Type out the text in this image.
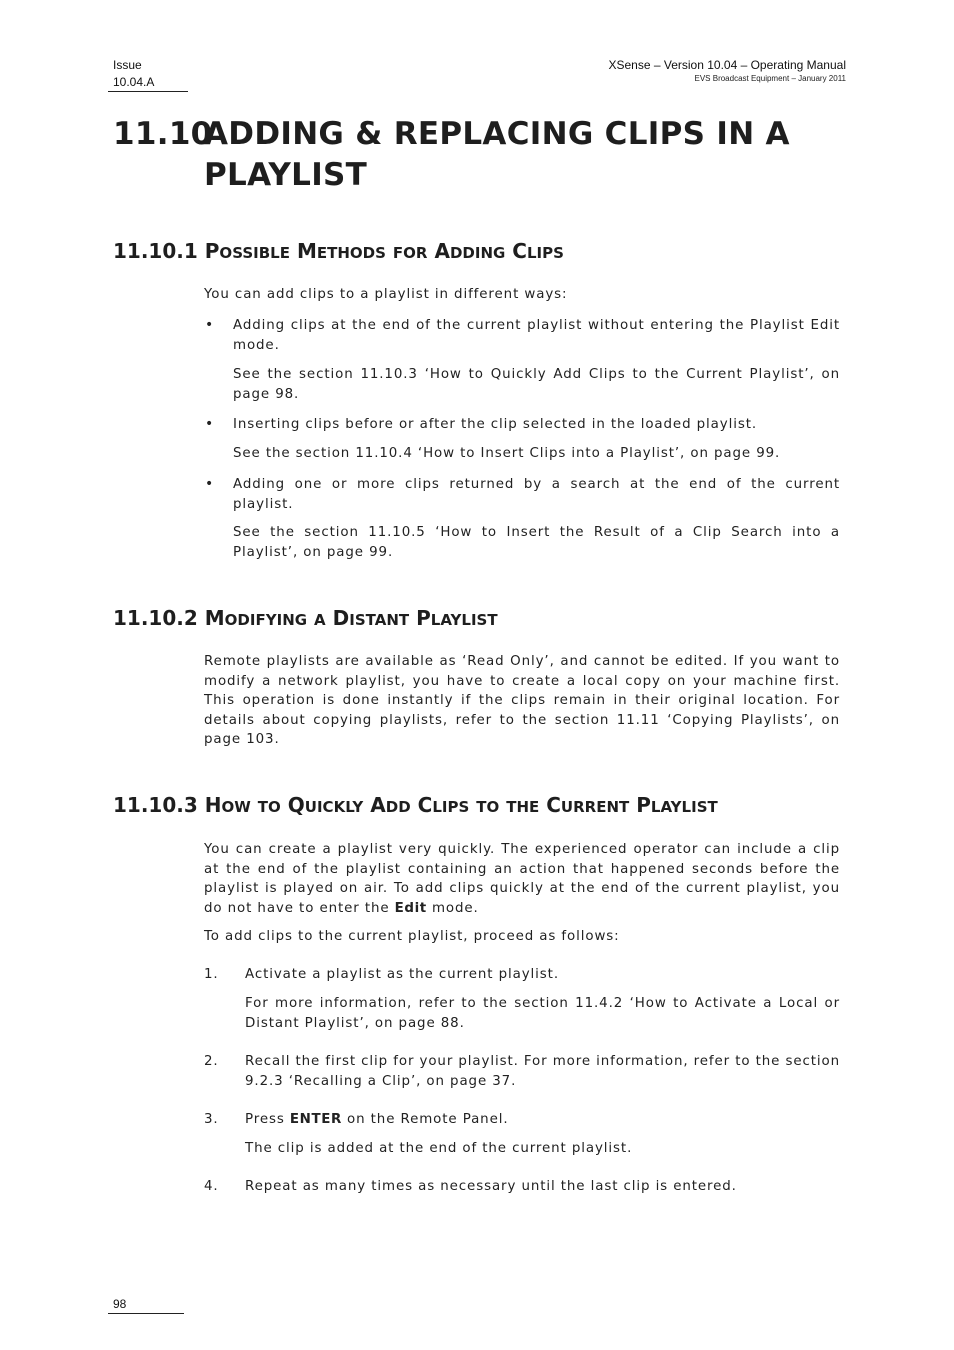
Issue
10.04.A
XSense – Version 10.04 – Operating Manual
EVS Broadcast Equipment – January 2011
11.10
ADDING & REPLACING CLIPS IN A
PLAYLIST
11.10.1 POSSIBLE METHODS FOR ADDING CLIPS
You can add clips to a playlist in different ways:
• Adding clips at the end of the current playlist without entering the Playlist Edit mode.
See the section 11.10.3 ‘How to Quickly Add Clips to the Current Playlist’, on page 98.
• Inserting clips before or after the clip selected in the loaded playlist.
See the section 11.10.4 ‘How to Insert Clips into a Playlist’, on page 99.
• Adding one or more clips returned by a search at the end of the current playlist.
See the section 11.10.5 ‘How to Insert the Result of a Clip Search into a Playlist’, on page 99.
11.10.2 MODIFYING A DISTANT PLAYLIST
Remote playlists are available as ‘Read Only’, and cannot be edited. If you want to modify a network playlist, you have to create a local copy on your machine first. This operation is done instantly if the clips remain in their original location. For details about copying playlists, refer to the section 11.11 ‘Copying Playlists’, on page 103.
11.10.3 HOW TO QUICKLY ADD CLIPS TO THE CURRENT PLAYLIST
You can create a playlist very quickly. The experienced operator can include a clip at the end of the playlist containing an action that happened seconds before the playlist is played on air. To add clips quickly at the end of the current playlist, you do not have to enter the Edit mode.
To add clips to the current playlist, proceed as follows:
1. Activate a playlist as the current playlist.
For more information, refer to the section 11.4.2 ‘How to Activate a Local or Distant Playlist’, on page 88.
2. Recall the first clip for your playlist. For more information, refer to the section 9.2.3 ‘Recalling a Clip’, on page 37.
3. Press ENTER on the Remote Panel.
The clip is added at the end of the current playlist.
4. Repeat as many times as necessary until the last clip is entered.
98
